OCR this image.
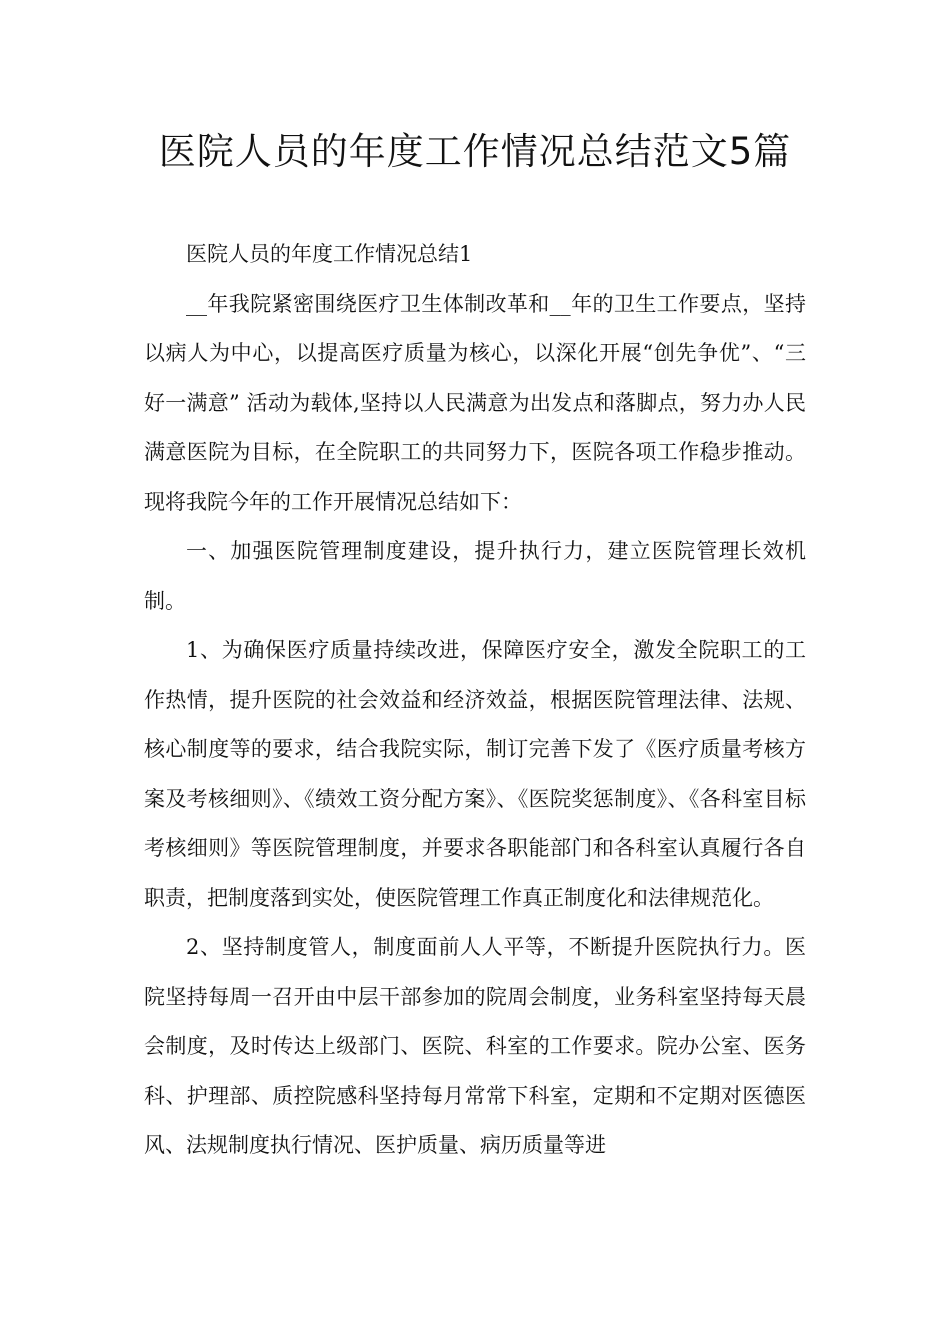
医院人员的年度工作情况总结范文5篇

医院人员的年度工作情况总结1

__年我院紧密围绕医疗卫生体制改革和__年的卫生工作要点，坚持以病人为中心，以提高医疗质量为核心，以深化开展“创先争优”、“三好一满意” 活动为载体,坚持以人民满意为出发点和落脚点，努力办人民满意医院为目标，在全院职工的共同努力下，医院各项工作稳步推动。现将我院今年的工作开展情况总结如下：

一、加强医院管理制度建设，提升执行力，建立医院管理长效机制。

1、为确保医疗质量持续改进，保障医疗安全，激发全院职工的工作热情，提升医院的社会效益和经济效益，根据医院管理法律、法规、核心制度等的要求，结合我院实际，制订完善下发了《医疗质量考核方案及考核细则》、《绩效工资分配方案》、《医院奖惩制度》、《各科室目标考核细则》等医院管理制度，并要求各职能部门和各科室认真履行各自职责，把制度落到实处，使医院管理工作真正制度化和法律规范化。

2、坚持制度管人，制度面前人人平等，不断提升医院执行力。医院坚持每周一召开由中层干部参加的院周会制度，业务科室坚持每天晨会制度，及时传达上级部门、医院、科室的工作要求。院办公室、医务科、护理部、质控院感科坚持每月常常下科室，定期和不定期对医德医风、法规制度执行情况、医护质量、病历质量等进
